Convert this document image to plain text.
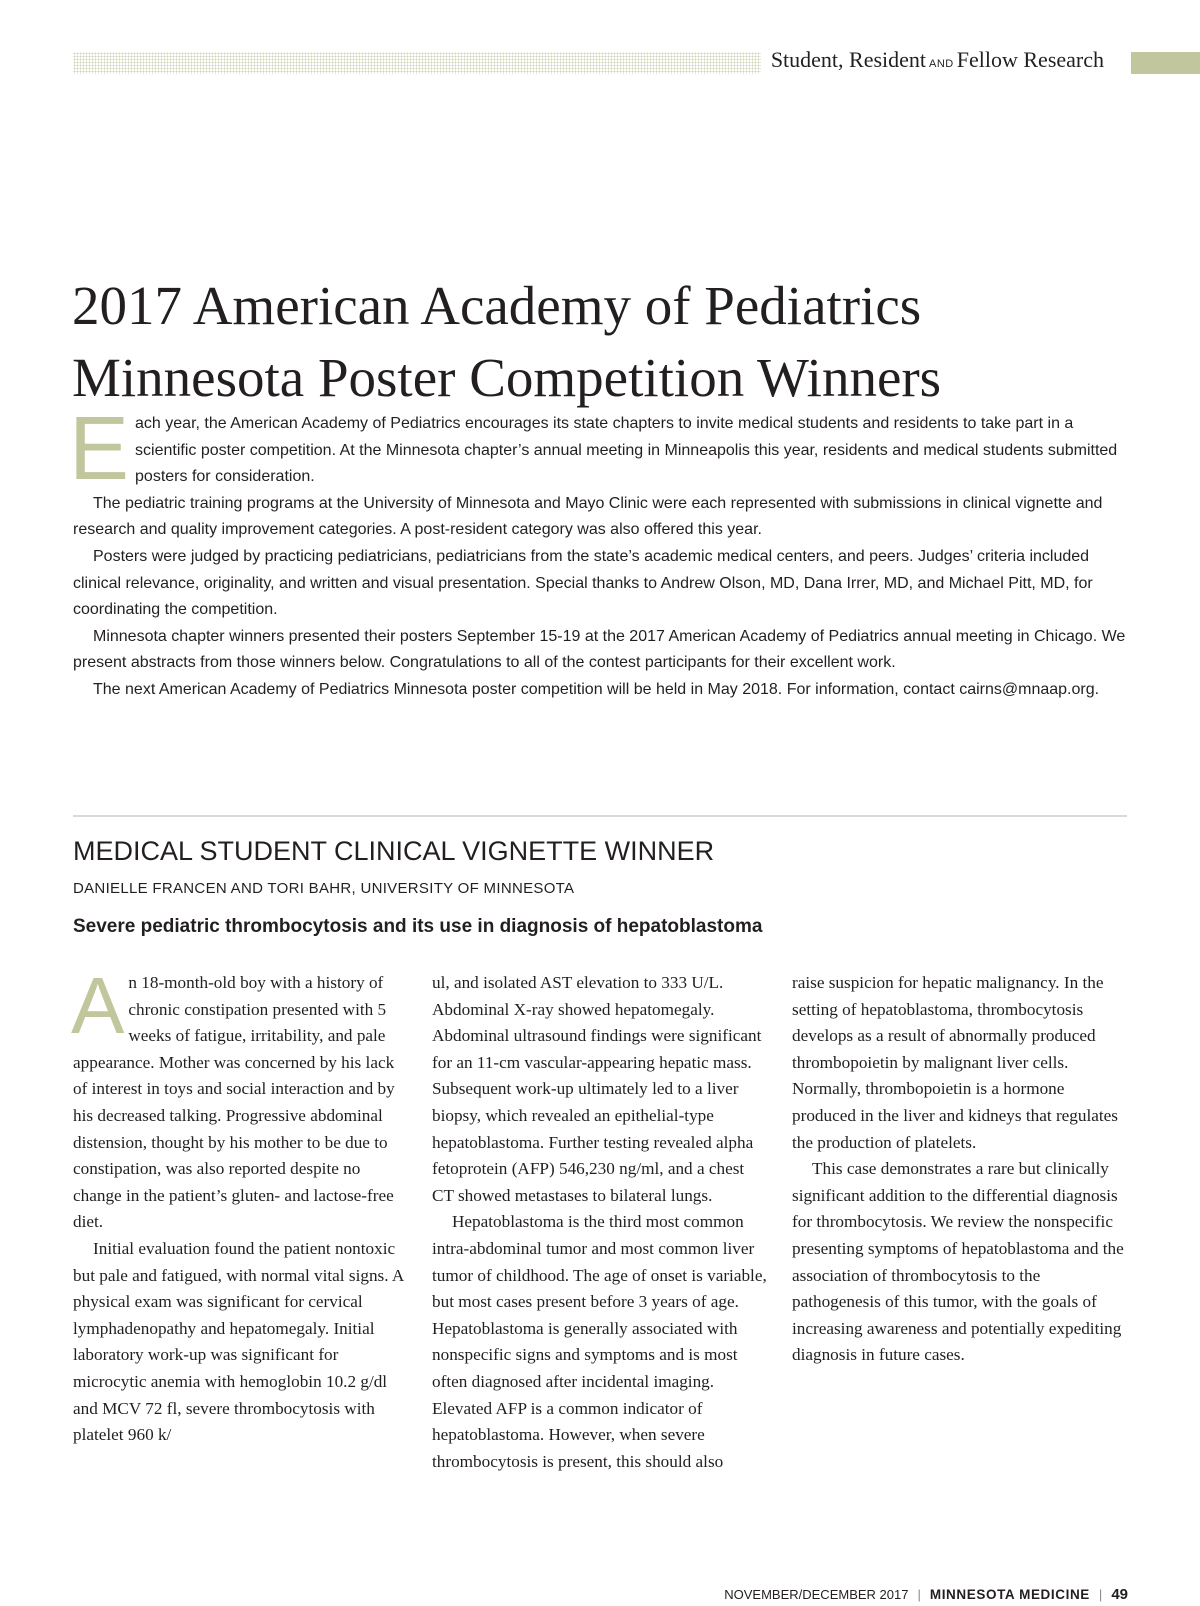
Student, Resident AND Fellow Research
2017 American Academy of Pediatrics
Minnesota Poster Competition Winners

Each year, the American Academy of Pediatrics encourages its state chapters to invite medical students and residents to take part in a scientific poster competition. At the Minnesota chapter’s annual meeting in Minneapolis this year, residents and medical students submitted posters for consideration.

The pediatric training programs at the University of Minnesota and Mayo Clinic were each represented with submissions in clinical vignette and research and quality improvement categories. A post-resident category was also offered this year.

Posters were judged by practicing pediatricians, pediatricians from the state’s academic medical centers, and peers. Judges’ criteria included clinical relevance, originality, and written and visual presentation. Special thanks to Andrew Olson, MD, Dana Irrer, MD, and Michael Pitt, MD, for coordinating the competition.

Minnesota chapter winners presented their posters September 15-19 at the 2017 American Academy of Pediatrics annual meeting in Chicago. We present abstracts from those winners below. Congratulations to all of the contest participants for their excellent work.

The next American Academy of Pediatrics Minnesota poster competition will be held in May 2018. For information, contact cairns@mnaap.org.

MEDICAL STUDENT CLINICAL VIGNETTE WINNER
DANIELLE FRANCEN AND TORI BAHR, UNIVERSITY OF MINNESOTA
Severe pediatric thrombocytosis and its use in diagnosis of hepatoblastoma

An 18-month-old boy with a history of chronic constipation presented with 5 weeks of fatigue, irritability, and pale appearance. Mother was concerned by his lack of interest in toys and social interaction and by his decreased talking. Progressive abdominal distension, thought by his mother to be due to constipation, was also reported despite no change in the patient’s gluten- and lactose-free diet.

Initial evaluation found the patient nontoxic but pale and fatigued, with normal vital signs. A physical exam was significant for cervical lymphadenopathy and hepatomegaly. Initial laboratory work-up was significant for microcytic anemia with hemoglobin 10.2 g/dl and MCV 72 fl, severe thrombocytosis with platelet 960 k/

ul, and isolated AST elevation to 333 U/L. Abdominal X-ray showed hepatomegaly. Abdominal ultrasound findings were significant for an 11-cm vascular-appearing hepatic mass. Subsequent work-up ultimately led to a liver biopsy, which revealed an epithelial-type hepatoblastoma. Further testing revealed alpha fetoprotein (AFP) 546,230 ng/ml, and a chest CT showed metastases to bilateral lungs.

Hepatoblastoma is the third most common intra-abdominal tumor and most common liver tumor of childhood. The age of onset is variable, but most cases present before 3 years of age. Hepatoblastoma is generally associated with nonspecific signs and symptoms and is most often diagnosed after incidental imaging. Elevated AFP is a common indicator of hepatoblastoma. However, when severe thrombocytosis is present, this should also

raise suspicion for hepatic malignancy. In the setting of hepatoblastoma, thrombocytosis develops as a result of abnormally produced thrombopoietin by malignant liver cells. Normally, thrombopoietin is a hormone produced in the liver and kidneys that regulates the production of platelets.

This case demonstrates a rare but clinically significant addition to the differential diagnosis for thrombocytosis. We review the nonspecific presenting symptoms of hepatoblastoma and the association of thrombocytosis to the pathogenesis of this tumor, with the goals of increasing awareness and potentially expediting diagnosis in future cases.

NOVEMBER/DECEMBER 2017 | MINNESOTA MEDICINE | 49
